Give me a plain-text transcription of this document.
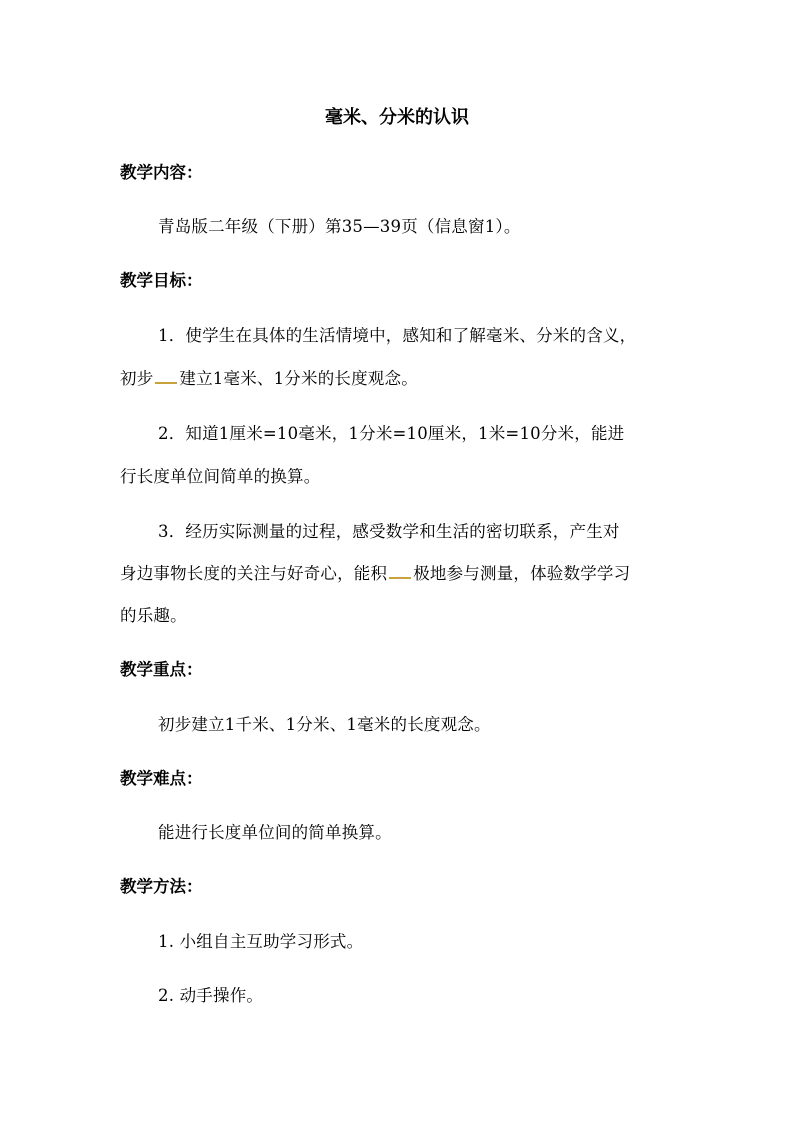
毫米、分米的认识
教学内容：
青岛版二年级（下册）第35—39页（信息窗1）。
教学目标：
1．使学生在具体的生活情境中，感知和了解毫米、分米的含义，
初步 建立1毫米、1分米的长度观念。
2．知道1厘米=10毫米，1分米=10厘米，1米=10分米，能进
行长度单位间简单的换算。
3．经历实际测量的过程，感受数学和生活的密切联系，产生对
身边事物长度的关注与好奇心，能积 极地参与测量，体验数学学习
的乐趣。
教学重点：
初步建立1千米、1分米、1毫米的长度观念。
教学难点：
能进行长度单位间的简单换算。
教学方法：
1. 小组自主互助学习形式。
2. 动手操作。
